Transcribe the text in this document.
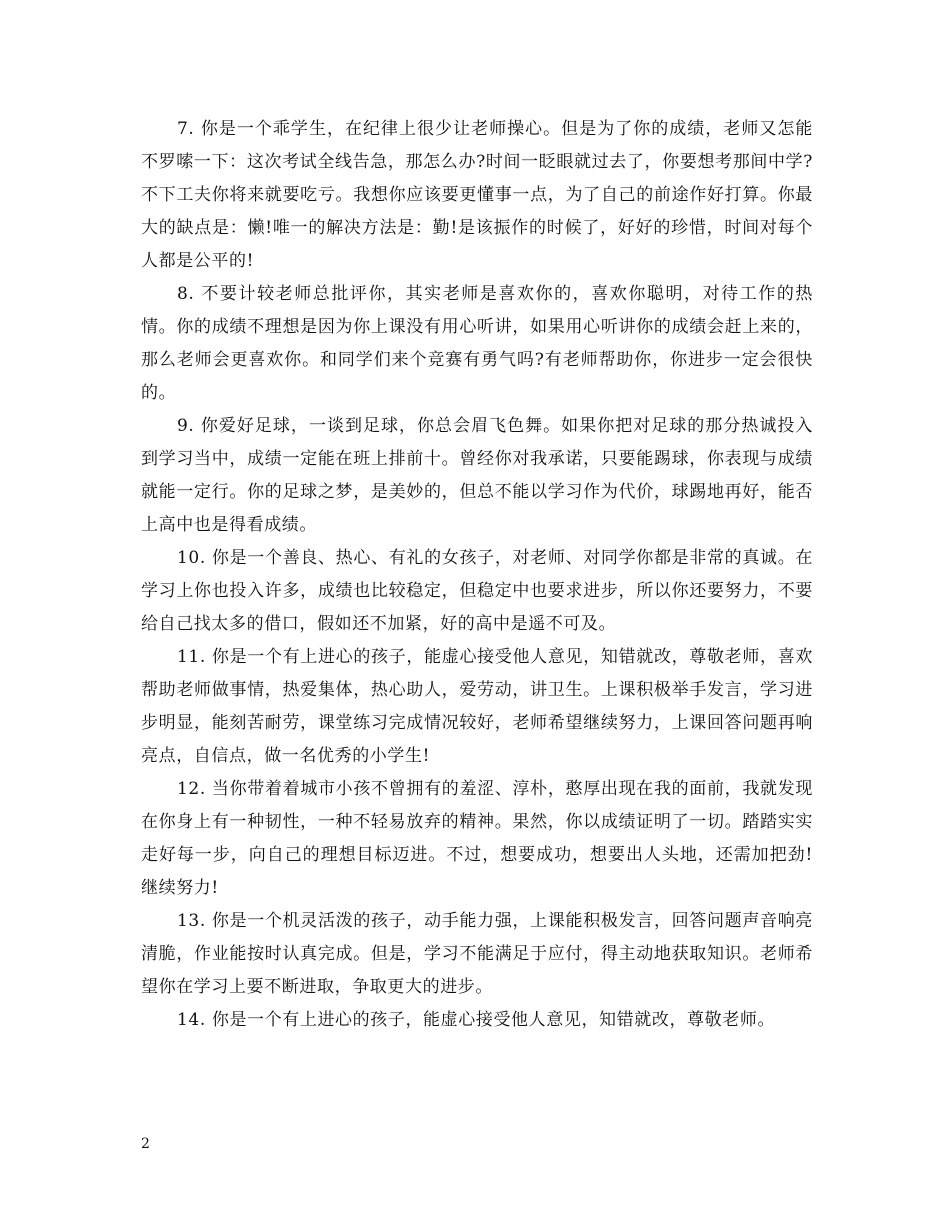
7. 你是一个乖学生，在纪律上很少让老师操心。但是为了你的成绩，老师又怎能不罗嗦一下：这次考试全线告急，那怎么办?时间一眨眼就过去了，你要想考那间中学?不下工夫你将来就要吃亏。我想你应该要更懂事一点，为了自己的前途作好打算。你最大的缺点是：懒!唯一的解决方法是：勤!是该振作的时候了，好好的珍惜，时间对每个人都是公平的!

8. 不要计较老师总批评你，其实老师是喜欢你的，喜欢你聪明，对待工作的热情。你的成绩不理想是因为你上课没有用心听讲，如果用心听讲你的成绩会赶上来的，那么老师会更喜欢你。和同学们来个竞赛有勇气吗?有老师帮助你，你进步一定会很快的。

9. 你爱好足球，一谈到足球，你总会眉飞色舞。如果你把对足球的那分热诚投入到学习当中，成绩一定能在班上排前十。曾经你对我承诺，只要能踢球，你表现与成绩就能一定行。你的足球之梦，是美妙的，但总不能以学习作为代价，球踢地再好，能否上高中也是得看成绩。

10. 你是一个善良、热心、有礼的女孩子，对老师、对同学你都是非常的真诚。在学习上你也投入许多，成绩也比较稳定，但稳定中也要求进步，所以你还要努力，不要给自己找太多的借口，假如还不加紧，好的高中是遥不可及。

11. 你是一个有上进心的孩子，能虚心接受他人意见，知错就改，尊敬老师，喜欢帮助老师做事情，热爱集体，热心助人，爱劳动，讲卫生。上课积极举手发言，学习进步明显，能刻苦耐劳，课堂练习完成情况较好，老师希望继续努力，上课回答问题再响亮点，自信点，做一名优秀的小学生!

12. 当你带着着城市小孩不曾拥有的羞涩、淳朴，憨厚出现在我的面前，我就发现在你身上有一种韧性，一种不轻易放弃的精神。果然，你以成绩证明了一切。踏踏实实走好每一步，向自己的理想目标迈进。不过，想要成功，想要出人头地，还需加把劲!继续努力!

13. 你是一个机灵活泼的孩子，动手能力强，上课能积极发言，回答问题声音响亮清脆，作业能按时认真完成。但是，学习不能满足于应付，得主动地获取知识。老师希望你在学习上要不断进取，争取更大的进步。

14. 你是一个有上进心的孩子，能虚心接受他人意见，知错就改，尊敬老师。

2
